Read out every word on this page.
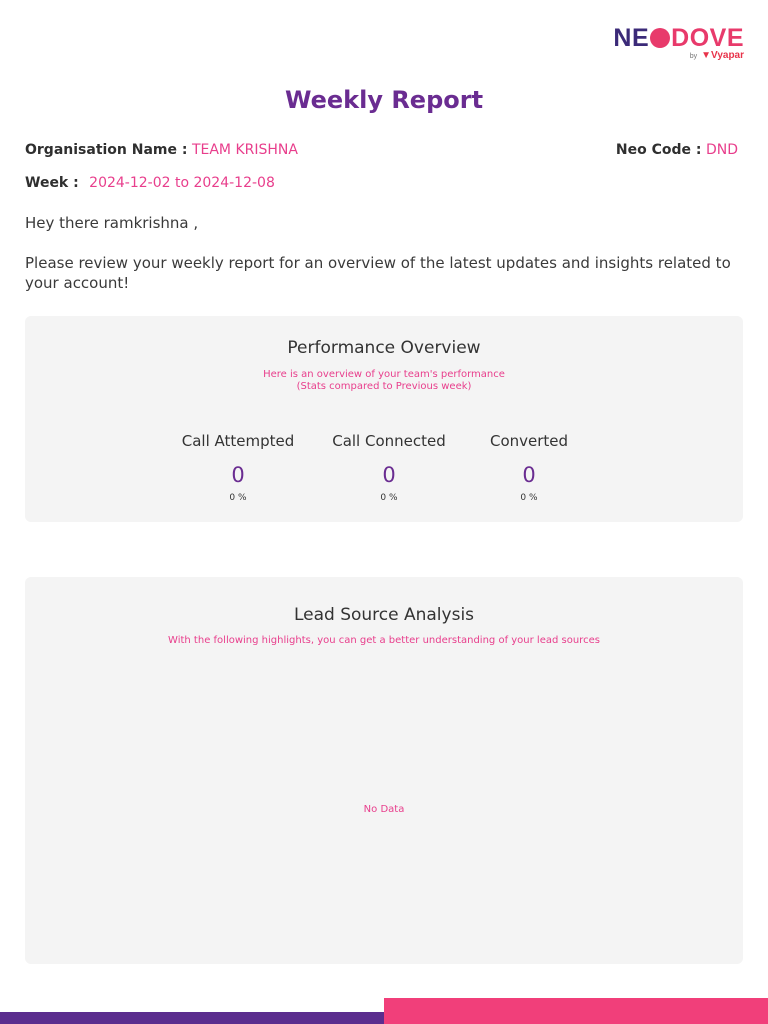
NE DOVE
by ▼Vyapar
Weekly Report
Organisation Name : TEAM KRISHNA	Neo Code : DND
Week : 2024-12-02 to 2024-12-08
Hey there ramkrishna ,
Please review your weekly report for an overview of the latest updates and insights related to your account!
Performance Overview
Here is an overview of your team's performance
(Stats compared to Previous week)
Call Attempted
0
0 %
Call Connected
0
0 %
Converted
0
0 %
Lead Source Analysis
With the following highlights, you can get a better understanding of your lead sources
No Data
